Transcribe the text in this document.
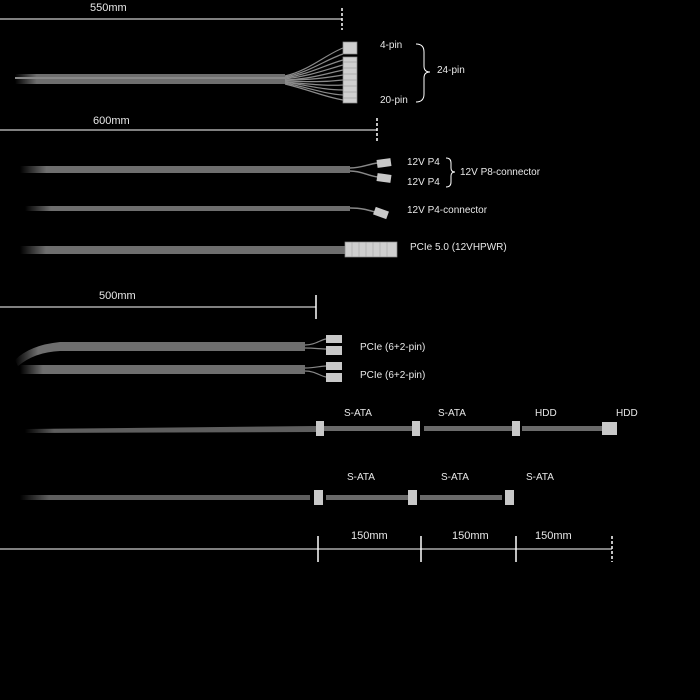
550mm
4-pin
24-pin
20-pin
600mm
12V P4
12V P8-connector
12V P4
12V P4-connector
PCIe 5.0 (12VHPWR)
500mm
PCIe (6+2-pin)
PCIe (6+2-pin)
S-ATA	S-ATA	HDD	HDD
S-ATA	S-ATA	S-ATA
150mm	150mm	150mm
